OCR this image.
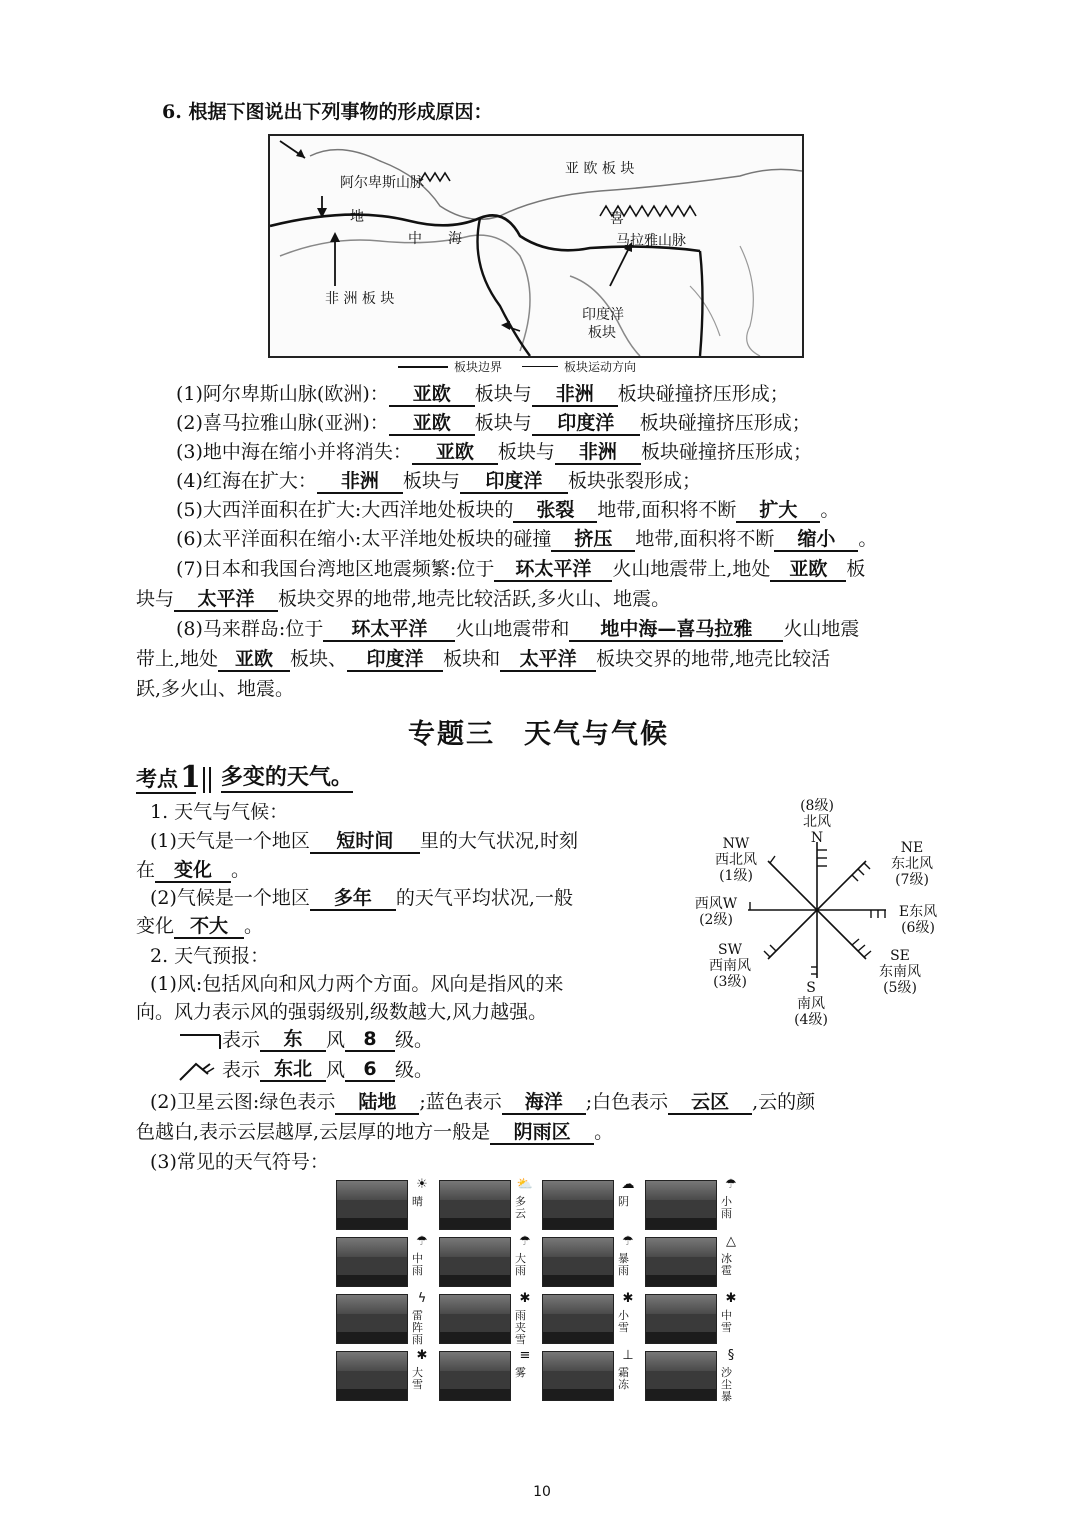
6. 根据下图说出下列事物的形成原因：
亚 欧 板 块
阿尔卑斯山脉
地
中 海
喜
马拉雅山脉
非 洲 板 块
印度洋
板块
板块边界	板块运动方向
(1)阿尔卑斯山脉(欧洲)： 亚欧 板块与 非洲 板块碰撞挤压形成；
(2)喜马拉雅山脉(亚洲)： 亚欧 板块与 印度洋 板块碰撞挤压形成；
(3)地中海在缩小并将消失： 亚欧 板块与 非洲 板块碰撞挤压形成；
(4)红海在扩大： 非洲 板块与 印度洋 板块张裂形成；
(5)大西洋面积在扩大:大西洋地处板块的 张裂 地带,面积将不断 扩大 。
(6)太平洋面积在缩小:太平洋地处板块的碰撞 挤压 地带,面积将不断 缩小 。
(7)日本和我国台湾地区地震频繁:位于 环太平洋 火山地震带上,地处 亚欧 板
块与 太平洋 板块交界的地带,地壳比较活跃,多火山、地震。
(8)马来群岛:位于 环太平洋 火山地震带和 地中海—喜马拉雅 火山地震
带上,地处 亚欧 板块、 印度洋 板块和 太平洋 板块交界的地带,地壳比较活
跃,多火山、地震。
专题三　天气与气候
考点 1 多变的天气。
1. 天气与气候：
(1)天气是一个地区 短时间 里的大气状况,时刻
在 变化 。
(2)气候是一个地区 多年 的天气平均状况,一般
变化 不大 。
2. 天气预报：
(1)风:包括风向和风力两个方面。风向是指风的来
向。风力表示风的强弱级别,级数越大,风力越强。
表示	东	风 8 级。
表示 东北 风 6 级。
(2)卫星云图:绿色表示 陆地 ;蓝色表示 海洋 ;白色表示 云区 ,云的颜
色越白,表示云层越厚,云层厚的地方一般是 阴雨区 。
(3)常见的天气符号：
(8级)
北风
N
NW
西北风
(1级)
NE
东北风
(7级)
西风W
(2级)	E东风
(6级)
SW
西南风
(3级)
SE
东南风
(5级)
S
南风
(4级)
☀
晴
⛅
多云
☁
阴
☂
小雨
☂
中雨
☂
大雨
☂
暴雨
△
冰雹
ϟ
雷阵雨
✱
雨夹雪
✱
小雪
✱
中雪
✱
大雪
≡
雾
⊥
霜冻
§
沙尘暴
10
